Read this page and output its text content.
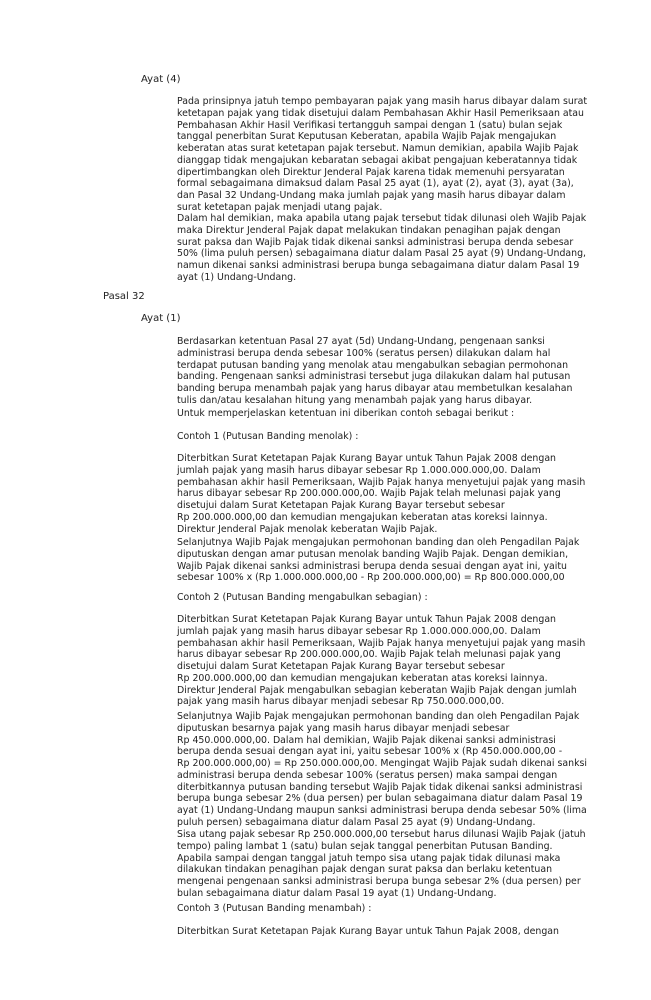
Ayat (4)
Pada prinsipnya jatuh tempo pembayaran pajak yang masih harus dibayar dalam surat
ketetapan pajak yang tidak disetujui dalam Pembahasan Akhir Hasil Pemeriksaan atau
Pembahasan Akhir Hasil Verifikasi tertangguh sampai dengan 1 (satu) bulan sejak
tanggal penerbitan Surat Keputusan Keberatan, apabila Wajib Pajak mengajukan
keberatan atas surat ketetapan pajak tersebut. Namun demikian, apabila Wajib Pajak
dianggap tidak mengajukan kebaratan sebagai akibat pengajuan keberatannya tidak
dipertimbangkan oleh Direktur Jenderal Pajak karena tidak memenuhi persyaratan
formal sebagaimana dimaksud dalam Pasal 25 ayat (1), ayat (2), ayat (3), ayat (3a),
dan Pasal 32 Undang-Undang maka jumlah pajak yang masih harus dibayar dalam
surat ketetapan pajak menjadi utang pajak.
Dalam hal demikian, maka apabila utang pajak tersebut tidak dilunasi oleh Wajib Pajak
maka Direktur Jenderal Pajak dapat melakukan tindakan penagihan pajak dengan
surat paksa dan Wajib Pajak tidak dikenai sanksi administrasi berupa denda sebesar
50% (lima puluh persen) sebagaimana diatur dalam Pasal 25 ayat (9) Undang-Undang,
namun dikenai sanksi administrasi berupa bunga sebagaimana diatur dalam Pasal 19
ayat (1) Undang-Undang.
Pasal 32
Ayat (1)
Berdasarkan ketentuan Pasal 27 ayat (5d) Undang-Undang, pengenaan sanksi
administrasi berupa denda sebesar 100% (seratus persen) dilakukan dalam hal
terdapat putusan banding yang menolak atau mengabulkan sebagian permohonan
banding. Pengenaan sanksi administrasi tersebut juga dilakukan dalam hal putusan
banding berupa menambah pajak yang harus dibayar atau membetulkan kesalahan
tulis dan/atau kesalahan hitung yang menambah pajak yang harus dibayar.
Untuk memperjelaskan ketentuan ini diberikan contoh sebagai berikut :
Contoh 1 (Putusan Banding menolak) :
Diterbitkan Surat Ketetapan Pajak Kurang Bayar untuk Tahun Pajak 2008 dengan
jumlah pajak yang masih harus dibayar sebesar Rp 1.000.000.000,00. Dalam
pembahasan akhir hasil Pemeriksaan, Wajib Pajak hanya menyetujui pajak yang masih
harus dibayar sebesar Rp 200.000.000,00. Wajib Pajak telah melunasi pajak yang
disetujui dalam Surat Ketetapan Pajak Kurang Bayar tersebut sebesar
Rp 200.000.000,00 dan kemudian mengajukan keberatan atas koreksi lainnya.
Direktur Jenderal Pajak menolak keberatan Wajib Pajak.
Selanjutnya Wajib Pajak mengajukan permohonan banding dan oleh Pengadilan Pajak
diputuskan dengan amar putusan menolak banding Wajib Pajak. Dengan demikian,
Wajib Pajak dikenai sanksi administrasi berupa denda sesuai dengan ayat ini, yaitu
sebesar 100% x (Rp 1.000.000.000,00 - Rp 200.000.000,00) = Rp 800.000.000,00
Contoh 2 (Putusan Banding mengabulkan sebagian) :
Diterbitkan Surat Ketetapan Pajak Kurang Bayar untuk Tahun Pajak 2008 dengan
jumlah pajak yang masih harus dibayar sebesar Rp 1.000.000.000,00. Dalam
pembahasan akhir hasil Pemeriksaan, Wajib Pajak hanya menyetujui pajak yang masih
harus dibayar sebesar Rp 200.000.000,00. Wajib Pajak telah melunasi pajak yang
disetujui dalam Surat Ketetapan Pajak Kurang Bayar tersebut sebesar
Rp 200.000.000,00 dan kemudian mengajukan keberatan atas koreksi lainnya.
Direktur Jenderal Pajak mengabulkan sebagian keberatan Wajib Pajak dengan jumlah
pajak yang masih harus dibayar menjadi sebesar Rp 750.000.000,00.
Selanjutnya Wajib Pajak mengajukan permohonan banding dan oleh Pengadilan Pajak
diputuskan besarnya pajak yang masih harus dibayar menjadi sebesar
Rp 450.000.000,00. Dalam hal demikian, Wajib Pajak dikenai sanksi administrasi
berupa denda sesuai dengan ayat ini, yaitu sebesar 100% x (Rp 450.000.000,00 -
Rp 200.000.000,00) = Rp 250.000.000,00. Mengingat Wajib Pajak sudah dikenai sanksi
administrasi berupa denda sebesar 100% (seratus persen) maka sampai dengan
diterbitkannya putusan banding tersebut Wajib Pajak tidak dikenai sanksi administrasi
berupa bunga sebesar 2% (dua persen) per bulan sebagaimana diatur dalam Pasal 19
ayat (1) Undang-Undang maupun sanksi administrasi berupa denda sebesar 50% (lima
puluh persen) sebagaimana diatur dalam Pasal 25 ayat (9) Undang-Undang.
Sisa utang pajak sebesar Rp 250.000.000,00 tersebut harus dilunasi Wajib Pajak (jatuh
tempo) paling lambat 1 (satu) bulan sejak tanggal penerbitan Putusan Banding.
Apabila sampai dengan tanggal jatuh tempo sisa utang pajak tidak dilunasi maka
dilakukan tindakan penagihan pajak dengan surat paksa dan berlaku ketentuan
mengenai pengenaan sanksi administrasi berupa bunga sebesar 2% (dua persen) per
bulan sebagaimana diatur dalam Pasal 19 ayat (1) Undang-Undang.
Contoh 3 (Putusan Banding menambah) :
Diterbitkan Surat Ketetapan Pajak Kurang Bayar untuk Tahun Pajak 2008, dengan
